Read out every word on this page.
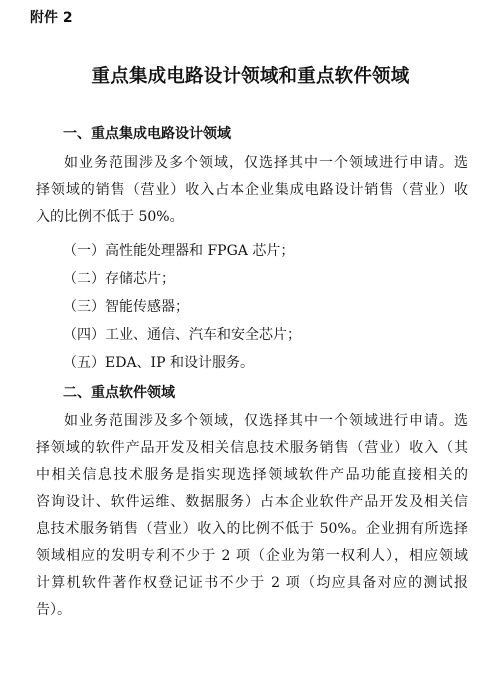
附件 2
重点集成电路设计领域和重点软件领域
一、重点集成电路设计领域
如业务范围涉及多个领域，仅选择其中一个领域进行申请。选
择领域的销售（营业）收入占本企业集成电路设计销售（营业）收
入的比例不低于 50%。
（一）高性能处理器和 FPGA 芯片；
（二）存储芯片；
（三）智能传感器；
（四）工业、通信、汽车和安全芯片；
（五）EDA、IP 和设计服务。
二、重点软件领域
如业务范围涉及多个领域，仅选择其中一个领域进行申请。选
择领域的软件产品开发及相关信息技术服务销售（营业）收入（其
中相关信息技术服务是指实现选择领域软件产品功能直接相关的
咨询设计、软件运维、数据服务）占本企业软件产品开发及相关信
息技术服务销售（营业）收入的比例不低于 50%。企业拥有所选择
领域相应的发明专利不少于 2 项（企业为第一权利人），相应领域
计算机软件著作权登记证书不少于 2 项（均应具备对应的测试报
告）。
